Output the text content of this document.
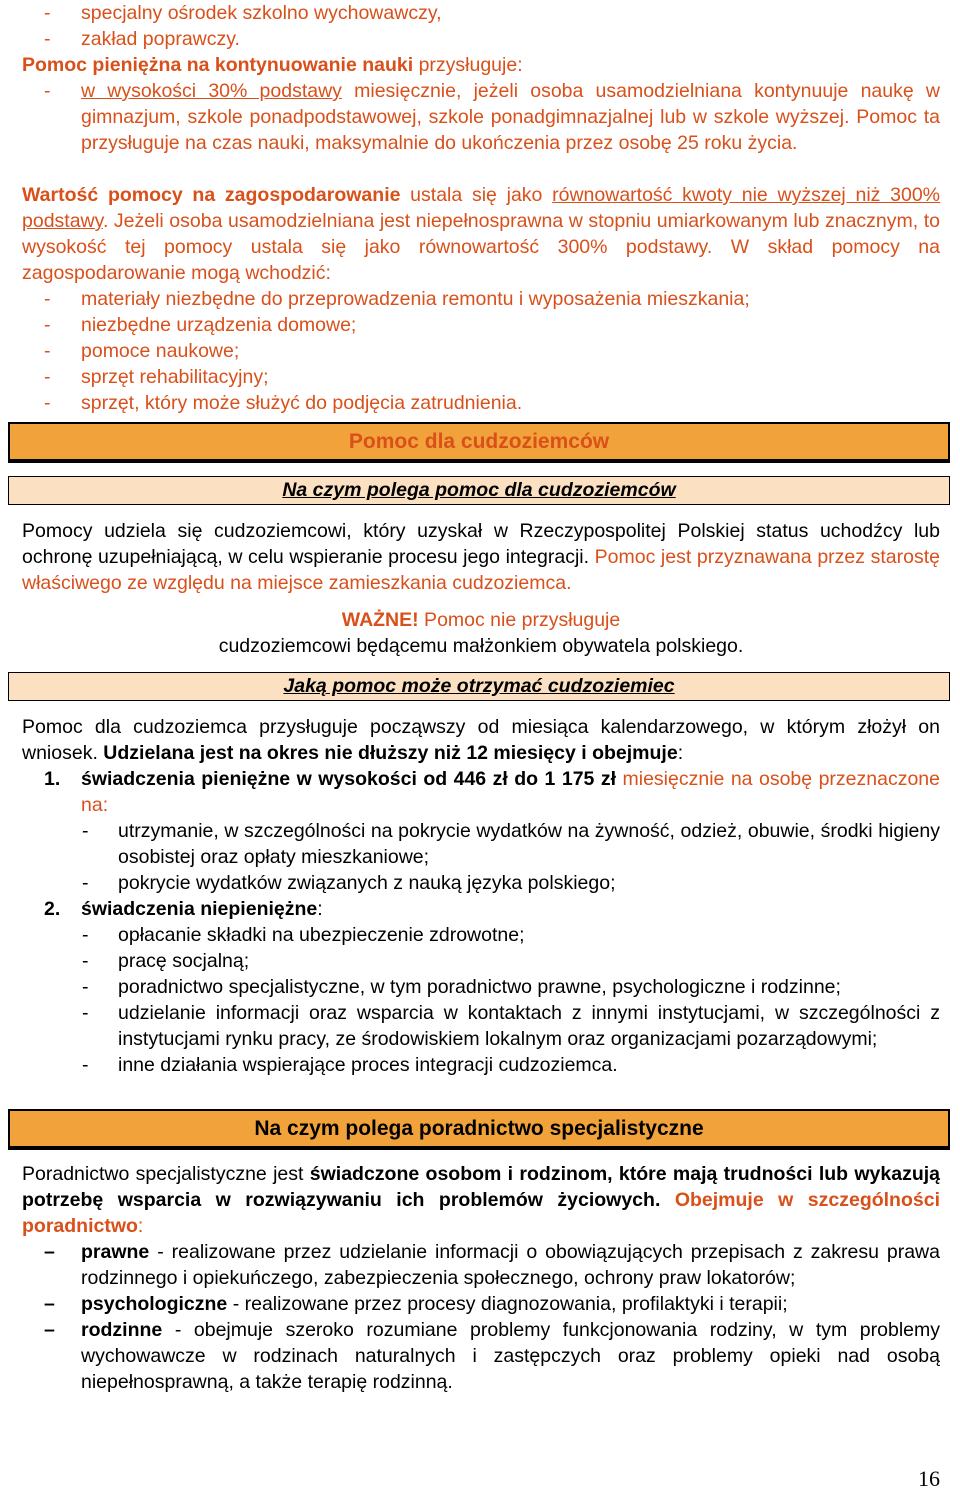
- specjalny ośrodek szkolno wychowawczy,

- zakład poprawczy.

Pomoc pieniężna na kontynuowanie nauki przysługuje:

- w wysokości 30% podstawy miesięcznie, jeżeli osoba usamodzielniana kontynuuje naukę w gimnazjum, szkole ponadpodstawowej, szkole ponadgimnazjalnej lub w szkole wyższej. Pomoc ta przysługuje na czas nauki, maksymalnie do ukończenia przez osobę 25 roku życia.

Wartość pomocy na zagospodarowanie ustala się jako równowartość kwoty nie wyższej niż 300% podstawy. Jeżeli osoba usamodzielniana jest niepełnosprawna w stopniu umiarkowanym lub znacznym, to wysokość tej pomocy ustala się jako równowartość 300% podstawy. W skład pomocy na zagospodarowanie mogą wchodzić:

- materiały niezbędne do przeprowadzenia remontu i wyposażenia mieszkania;

- niezbędne urządzenia domowe;

- pomoce naukowe;

- sprzęt rehabilitacyjny;

- sprzęt, który może służyć do podjęcia zatrudnienia.

Pomoc dla cudzoziemców
Na czym polega pomoc dla cudzoziemców

Pomocy udziela się cudzoziemcowi, który uzyskał w Rzeczypospolitej Polskiej status uchodźcy lub ochronę uzupełniającą, w celu wspieranie procesu jego integracji. Pomoc jest przyznawana przez starostę właściwego ze względu na miejsce zamieszkania cudzoziemca.

WAŻNE! Pomoc nie przysługuje

cudzoziemcowi będącemu małżonkiem obywatela polskiego.

Jaką pomoc może otrzymać cudzoziemiec

Pomoc dla cudzoziemca przysługuje począwszy od miesiąca kalendarzowego, w którym złożył on wniosek. Udzielana jest na okres nie dłuższy niż 12 miesięcy i obejmuje:

1. świadczenia pieniężne w wysokości od 446 zł do 1 175 zł miesięcznie na osobę przeznaczone na:

- utrzymanie, w szczególności na pokrycie wydatków na żywność, odzież, obuwie, środki higieny osobistej oraz opłaty mieszkaniowe;

- pokrycie wydatków związanych z nauką języka polskiego;

2. świadczenia niepieniężne:

- opłacanie składki na ubezpieczenie zdrowotne;

- pracę socjalną;

- poradnictwo specjalistyczne, w tym poradnictwo prawne, psychologiczne i rodzinne;

- udzielanie informacji oraz wsparcia w kontaktach z innymi instytucjami, w szczególności z instytucjami rynku pracy, ze środowiskiem lokalnym oraz organizacjami pozarządowymi;

- inne działania wspierające proces integracji cudzoziemca.

Na czym polega poradnictwo specjalistyczne

Poradnictwo specjalistyczne jest świadczone osobom i rodzinom, które mają trudności lub wykazują potrzebę wsparcia w rozwiązywaniu ich problemów życiowych. Obejmuje w szczególności poradnictwo:

– prawne - realizowane przez udzielanie informacji o obowiązujących przepisach z zakresu prawa rodzinnego i opiekuńczego, zabezpieczenia społecznego, ochrony praw lokatorów;

– psychologiczne - realizowane przez procesy diagnozowania, profilaktyki i terapii;

– rodzinne - obejmuje szeroko rozumiane problemy funkcjonowania rodziny, w tym problemy wychowawcze w rodzinach naturalnych i zastępczych oraz problemy opieki nad osobą niepełnosprawną, a także terapię rodzinną.

16
